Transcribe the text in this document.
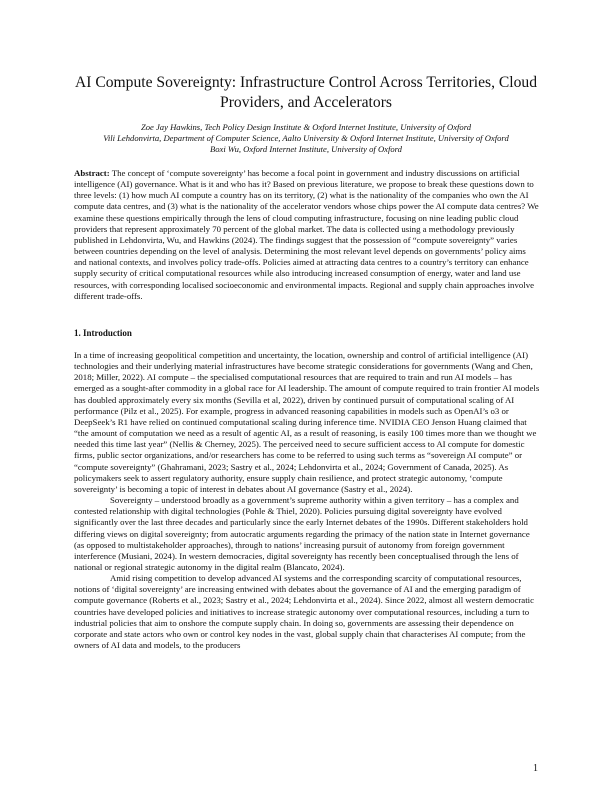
AI Compute Sovereignty: Infrastructure Control Across Territories, Cloud Providers, and Accelerators
Zoe Jay Hawkins, Tech Policy Design Institute & Oxford Internet Institute, University of Oxford
Vili Lehdonvirta, Department of Computer Science, Aalto University & Oxford Internet Institute, University of Oxford
Boxi Wu, Oxford Internet Institute, University of Oxford
Abstract: The concept of ‘compute sovereignty’ has become a focal point in government and industry discussions on artificial intelligence (AI) governance. What is it and who has it? Based on previous literature, we propose to break these questions down to three levels: (1) how much AI compute a country has on its territory, (2) what is the nationality of the companies who own the AI compute data centres, and (3) what is the nationality of the accelerator vendors whose chips power the AI compute data centres? We examine these questions empirically through the lens of cloud computing infrastructure, focusing on nine leading public cloud providers that represent approximately 70 percent of the global market. The data is collected using a methodology previously published in Lehdonvirta, Wu, and Hawkins (2024). The findings suggest that the possession of “compute sovereignty” varies between countries depending on the level of analysis. Determining the most relevant level depends on governments’ policy aims and national contexts, and involves policy trade-offs. Policies aimed at attracting data centres to a country’s territory can enhance supply security of critical computational resources while also introducing increased consumption of energy, water and land use resources, with corresponding localised socioeconomic and environmental impacts. Regional and supply chain approaches involve different trade-offs.
1. Introduction

In a time of increasing geopolitical competition and uncertainty, the location, ownership and control of artificial intelligence (AI) technologies and their underlying material infrastructures have become strategic considerations for governments (Wang and Chen, 2018; Miller, 2022). AI compute – the specialised computational resources that are required to train and run AI models – has emerged as a sought-after commodity in a global race for AI leadership. The amount of compute required to train frontier AI models has doubled approximately every six months (Sevilla et al, 2022), driven by continued pursuit of computational scaling of AI performance (Pilz et al., 2025). For example, progress in advanced reasoning capabilities in models such as OpenAI’s o3 or DeepSeek’s R1 have relied on continued computational scaling during inference time. NVIDIA CEO Jenson Huang claimed that “the amount of computation we need as a result of agentic AI, as a result of reasoning, is easily 100 times more than we thought we needed this time last year” (Nellis & Cherney, 2025). The perceived need to secure sufficient access to AI compute for domestic firms, public sector organizations, and/or researchers has come to be referred to using such terms as “sovereign AI compute” or “compute sovereignty” (Ghahramani, 2023; Sastry et al., 2024; Lehdonvirta et al., 2024; Government of Canada, 2025). As policymakers seek to assert regulatory authority, ensure supply chain resilience, and protect strategic autonomy, ‘compute sovereignty’ is becoming a topic of interest in debates about AI governance (Sastry et al., 2024).

Sovereignty – understood broadly as a government’s supreme authority within a given territory – has a complex and contested relationship with digital technologies (Pohle & Thiel, 2020). Policies pursuing digital sovereignty have evolved significantly over the last three decades and particularly since the early Internet debates of the 1990s. Different stakeholders hold differing views on digital sovereignty; from autocratic arguments regarding the primacy of the nation state in Internet governance (as opposed to multistakeholder approaches), through to nations’ increasing pursuit of autonomy from foreign government interference (Musiani, 2024). In western democracies, digital sovereignty has recently been conceptualised through the lens of national or regional strategic autonomy in the digital realm (Blancato, 2024).

Amid rising competition to develop advanced AI systems and the corresponding scarcity of computational resources, notions of ‘digital sovereignty’ are increasing entwined with debates about the governance of AI and the emerging paradigm of compute governance (Roberts et al., 2023; Sastry et al., 2024; Lehdonvirta et al., 2024). Since 2022, almost all western democratic countries have developed policies and initiatives to increase strategic autonomy over computational resources, including a turn to industrial policies that aim to onshore the compute supply chain. In doing so, governments are assessing their dependence on corporate and state actors who own or control key nodes in the vast, global supply chain that characterises AI compute; from the owners of AI data and models, to the producers

1
